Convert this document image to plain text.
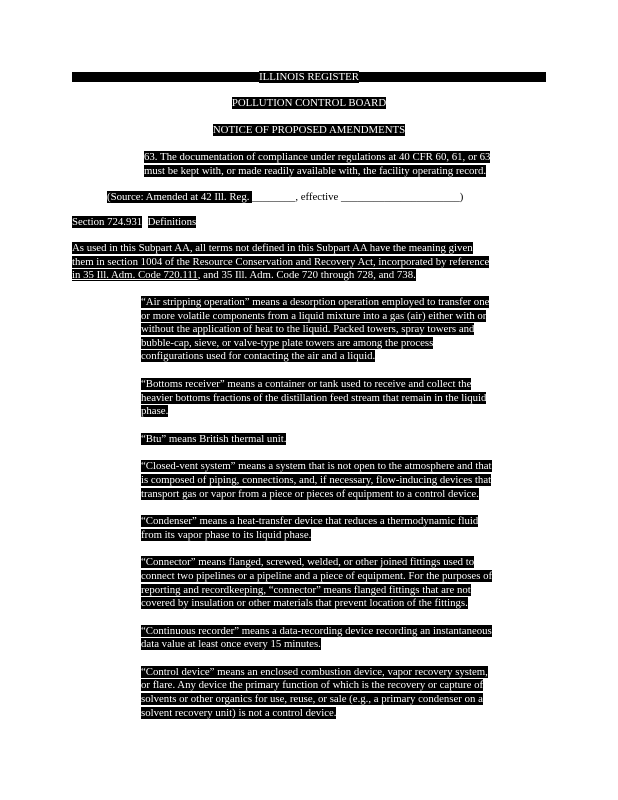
ILLINOIS REGISTER
POLLUTION CONTROL BOARD
NOTICE OF PROPOSED AMENDMENTS
63. The documentation of compliance under regulations at 40 CFR 60, 61, or 63
must be kept with, or made readily available with, the facility operating record.
(Source: Amended at 42 Ill. Reg. ________, effective ______________________)
Section 724.931 Definitions
As used in this Subpart AA, all terms not defined in this Subpart AA have the meaning given
them in section 1004 of the Resource Conservation and Recovery Act, incorporated by reference
in 35 Ill. Adm. Code 720.111, and 35 Ill. Adm. Code 720 through 728, and 738.
“Air stripping operation” means a desorption operation employed to transfer one
or more volatile components from a liquid mixture into a gas (air) either with or
without the application of heat to the liquid. Packed towers, spray towers and
bubble-cap, sieve, or valve-type plate towers are among the process
configurations used for contacting the air and a liquid.
“Bottoms receiver” means a container or tank used to receive and collect the
heavier bottoms fractions of the distillation feed stream that remain in the liquid
phase.
“Btu” means British thermal unit.
“Closed-vent system” means a system that is not open to the atmosphere and that
is composed of piping, connections, and, if necessary, flow-inducing devices that
transport gas or vapor from a piece or pieces of equipment to a control device.
“Condenser” means a heat-transfer device that reduces a thermodynamic fluid
from its vapor phase to its liquid phase.
“Connector” means flanged, screwed, welded, or other joined fittings used to
connect two pipelines or a pipeline and a piece of equipment. For the purposes of
reporting and recordkeeping, “connector” means flanged fittings that are not
covered by insulation or other materials that prevent location of the fittings.
“Continuous recorder” means a data-recording device recording an instantaneous
data value at least once every 15 minutes.
“Control device” means an enclosed combustion device, vapor recovery system,
or flare. Any device the primary function of which is the recovery or capture of
solvents or other organics for use, reuse, or sale (e.g., a primary condenser on a
solvent recovery unit) is not a control device.
